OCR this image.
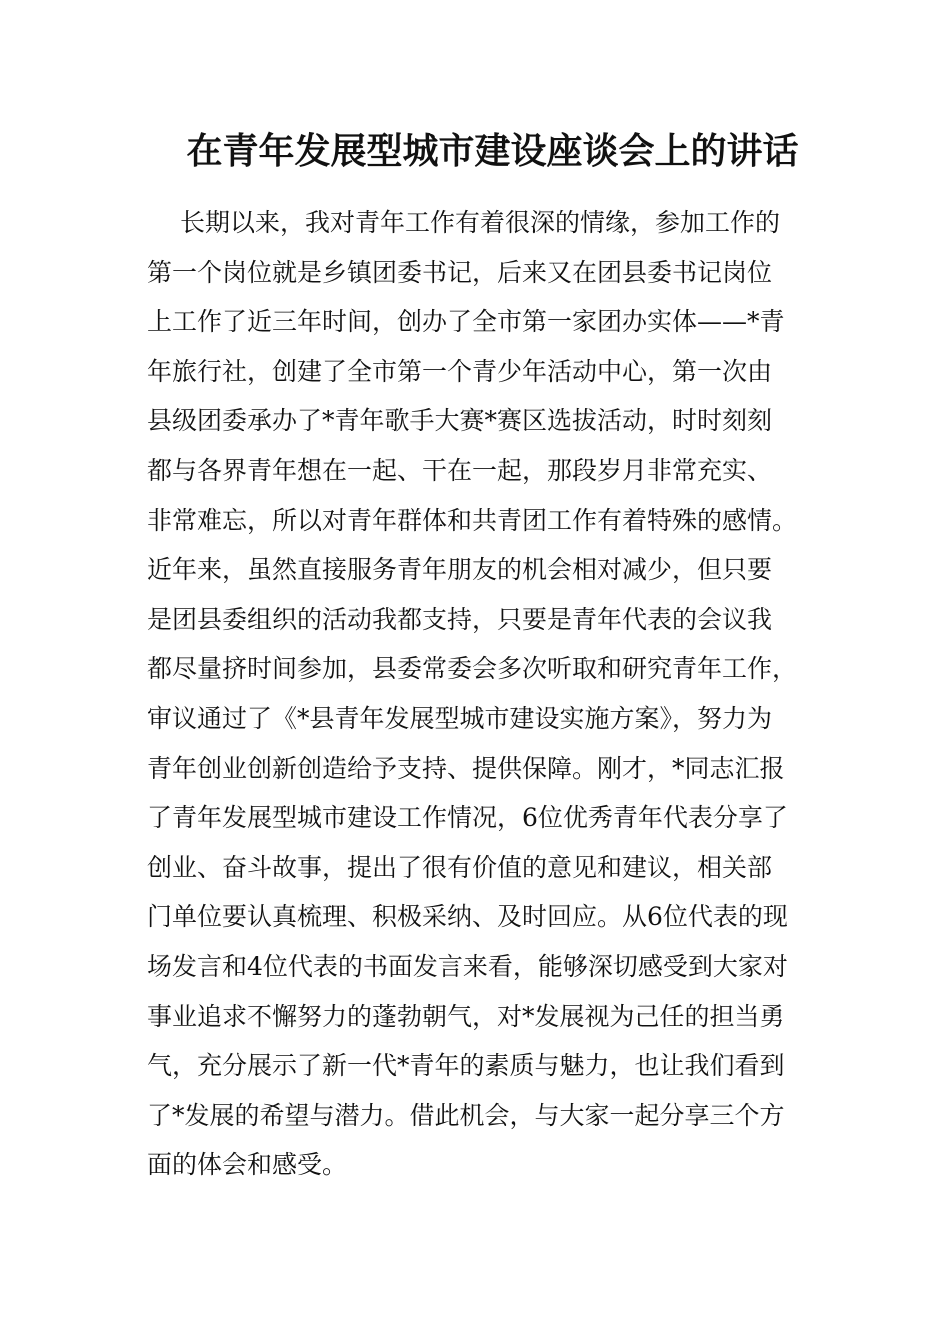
在青年发展型城市建设座谈会上的讲话
长期以来，我对青年工作有着很深的情缘，参加工作的
第一个岗位就是乡镇团委书记，后来又在团县委书记岗位
上工作了近三年时间，创办了全市第一家团办实体——*青
年旅行社，创建了全市第一个青少年活动中心，第一次由
县级团委承办了*青年歌手大赛*赛区选拔活动，时时刻刻
都与各界青年想在一起、干在一起，那段岁月非常充实、
非常难忘，所以对青年群体和共青团工作有着特殊的感情。
近年来，虽然直接服务青年朋友的机会相对减少，但只要
是团县委组织的活动我都支持，只要是青年代表的会议我
都尽量挤时间参加，县委常委会多次听取和研究青年工作，
审议通过了《*县青年发展型城市建设实施方案》，努力为
青年创业创新创造给予支持、提供保障。刚才，*同志汇报
了青年发展型城市建设工作情况，6位优秀青年代表分享了
创业、奋斗故事，提出了很有价值的意见和建议，相关部
门单位要认真梳理、积极采纳、及时回应。从6位代表的现
场发言和4位代表的书面发言来看，能够深切感受到大家对
事业追求不懈努力的蓬勃朝气，对*发展视为己任的担当勇
气，充分展示了新一代*青年的素质与魅力，也让我们看到
了*发展的希望与潜力。借此机会，与大家一起分享三个方
面的体会和感受。
